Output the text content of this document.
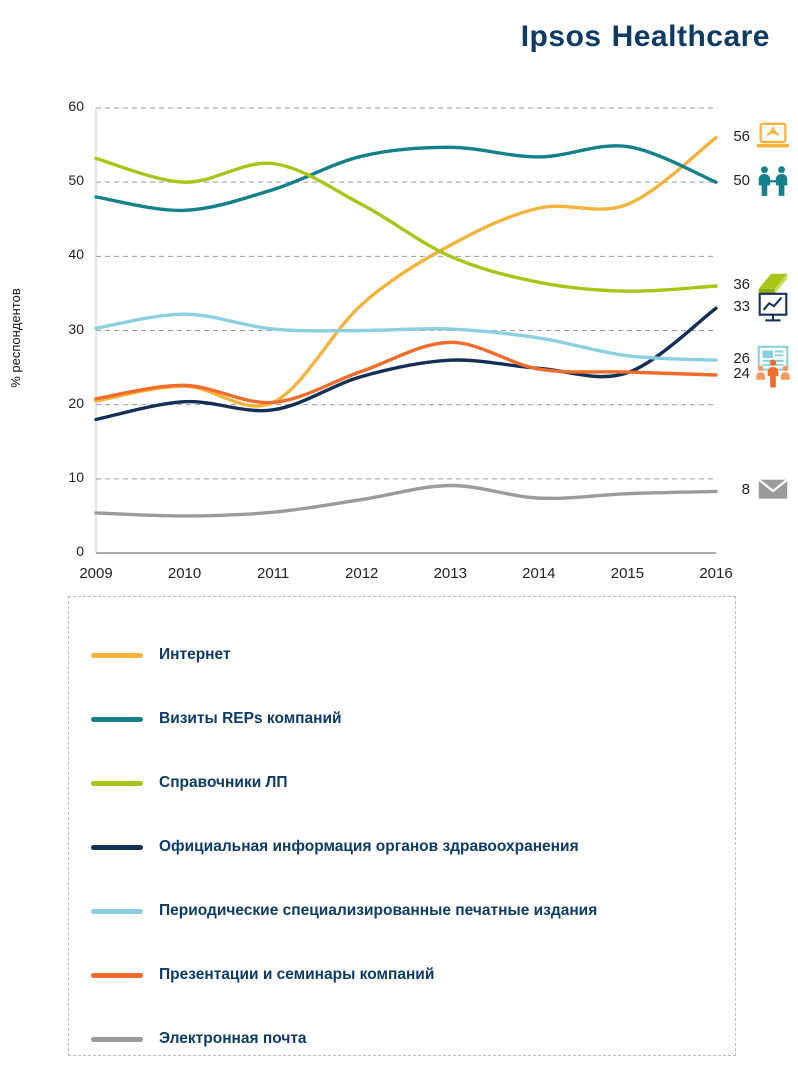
Ipsos Healthcare
% респондентов
0
10
20
30
40
50
60
2009	2010	2011	2012	2013	2014	2015	2016
56
50
36
33
26
24
8
Интернет
Визиты REPs компаний
Справочники ЛП
Официальная информация органов здравоохранения
Периодические специализированные печатные издания
Презентации и семинары компаний
Электронная почта
